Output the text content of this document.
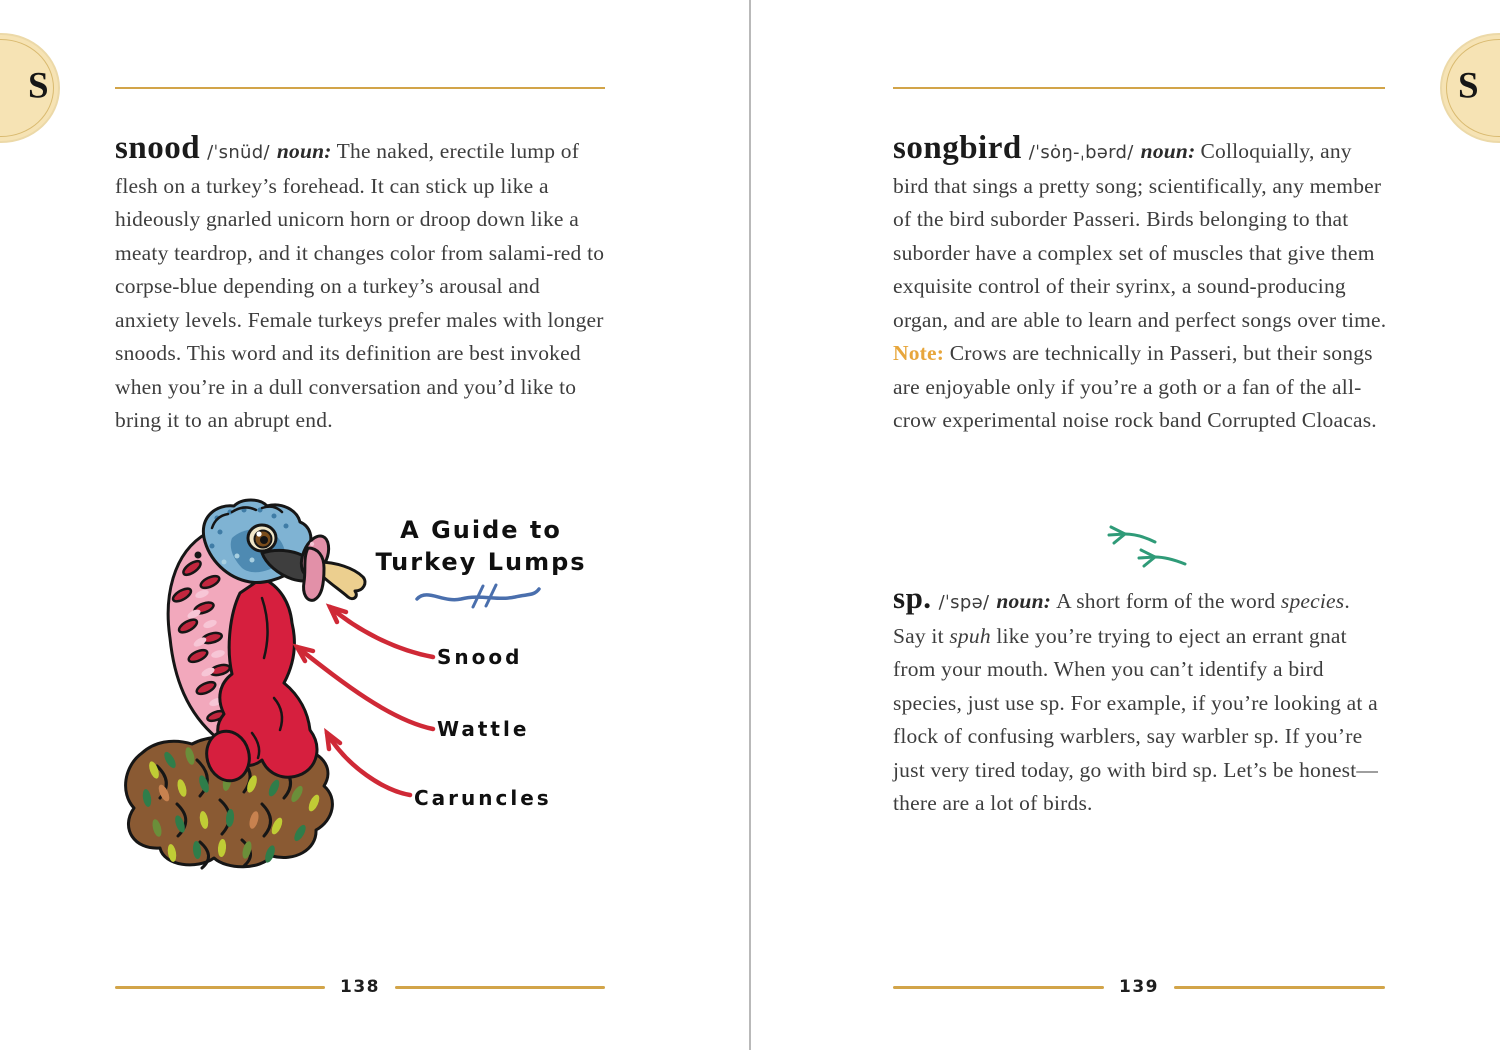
S
snood /ˈsnüd/ noun: The naked, erectile lump of flesh on a turkey’s forehead. It can stick up like a hideously gnarled unicorn horn or droop down like a meaty teardrop, and it changes color from salami-red to corpse-blue depending on a turkey’s arousal and anxiety levels. Female turkeys prefer males with longer snoods. This word and its definition are best invoked when you’re in a dull conversation and you’d like to bring it to an abrupt end.
A Guide to
Turkey Lumps
Snood
Wattle
Caruncles
138
S
songbird /ˈsȯŋ-ˌbərd/ noun: Colloquially, any bird that sings a pretty song; scientifically, any member of the bird suborder Passeri. Birds belonging to that suborder have a complex set of muscles that give them exquisite control of their syrinx, a sound-producing organ, and are able to learn and perfect songs over time. Note: Crows are technically in Passeri, but their songs are enjoyable only if you’re a goth or a fan of the all-crow experimental noise rock band Corrupted Cloacas.
sp. /ˈspə/ noun: A short form of the word species. Say it spuh like you’re trying to eject an errant gnat from your mouth. When you can’t identify a bird species, just use sp. For example, if you’re looking at a flock of confusing warblers, say warbler sp. If you’re just very tired today, go with bird sp. Let’s be honest—there are a lot of birds.
139
